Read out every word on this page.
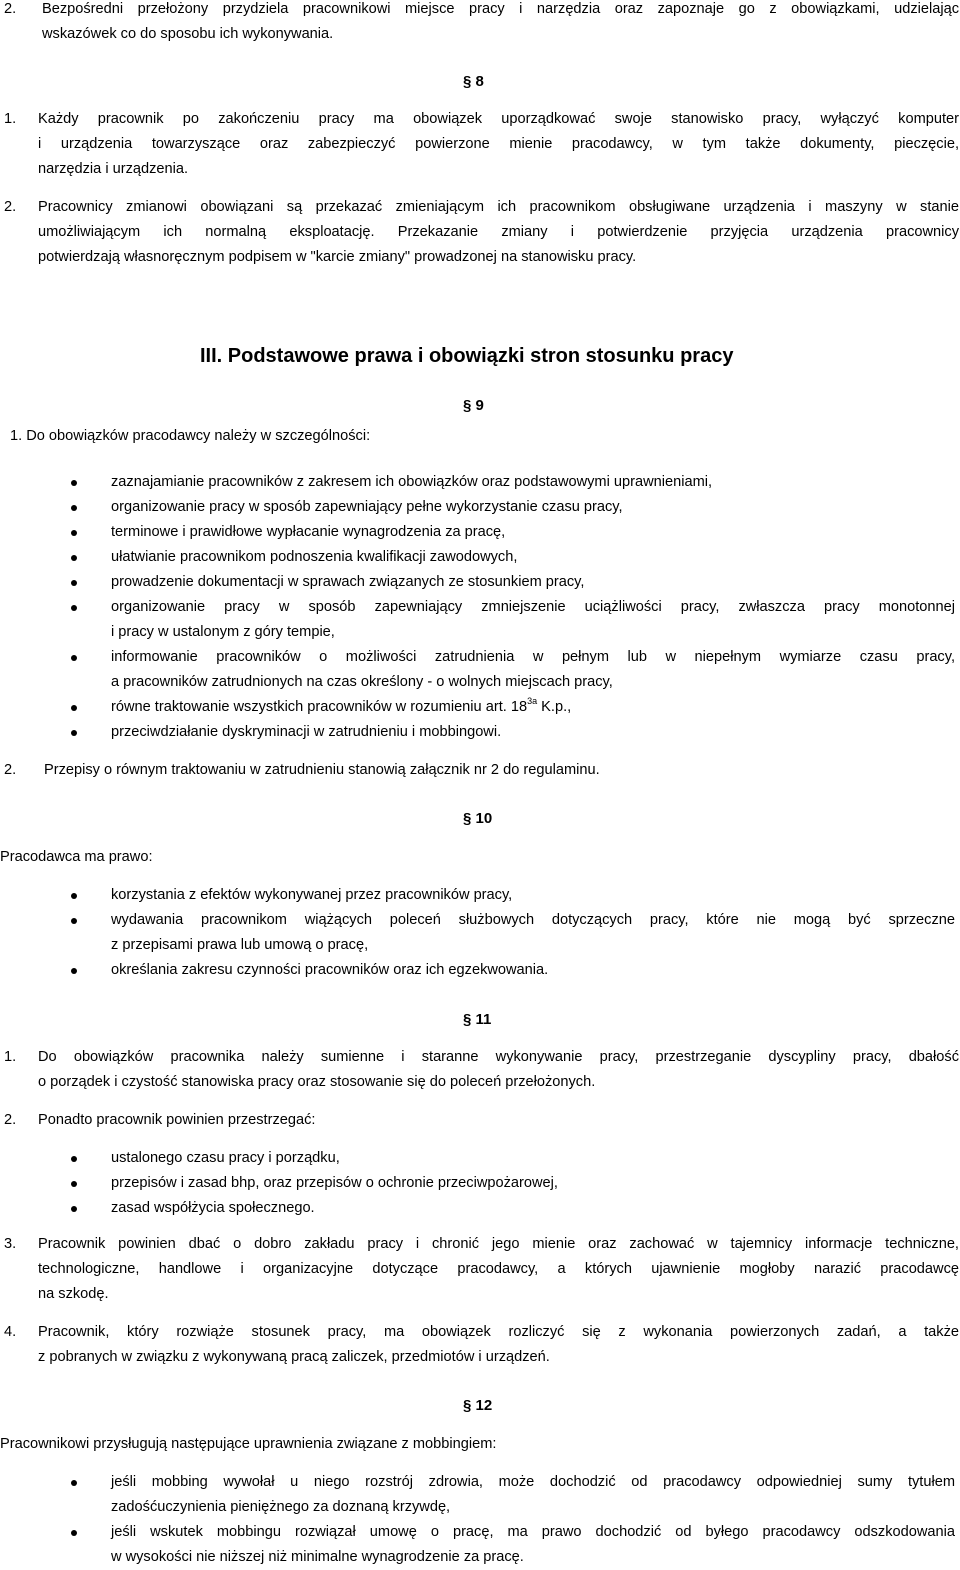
2. Bezpośredni przełożony przydziela pracownikowi miejsce pracy i narzędzia oraz zapoznaje go z obowiązkami, udzielając
wskazówek co do sposobu ich wykonywania.
§ 8
1. Każdy pracownik po zakończeniu pracy ma obowiązek uporządkować swoje stanowisko pracy, wyłączyć komputer
i urządzenia towarzyszące oraz zabezpieczyć powierzone mienie pracodawcy, w tym także dokumenty, pieczęcie,
narzędzia i urządzenia.
2. Pracownicy zmianowi obowiązani są przekazać zmieniającym ich pracownikom obsługiwane urządzenia i maszyny w stanie
umożliwiającym ich normalną eksploatację. Przekazanie zmiany i potwierdzenie przyjęcia urządzenia pracownicy
potwierdzają własnoręcznym podpisem w "karcie zmiany" prowadzonej na stanowisku pracy.
III. Podstawowe prawa i obowiązki stron stosunku pracy
§ 9
1. Do obowiązków pracodawcy należy w szczególności:
zaznajamianie pracowników z zakresem ich obowiązków oraz podstawowymi uprawnieniami,
organizowanie pracy w sposób zapewniający pełne wykorzystanie czasu pracy,
terminowe i prawidłowe wypłacanie wynagrodzenia za pracę,
ułatwianie pracownikom podnoszenia kwalifikacji zawodowych,
prowadzenie dokumentacji w sprawach związanych ze stosunkiem pracy,
organizowanie pracy w sposób zapewniający zmniejszenie uciążliwości pracy, zwłaszcza pracy monotonnej
i pracy w ustalonym z góry tempie,
informowanie pracowników o możliwości zatrudnienia w pełnym lub w niepełnym wymiarze czasu pracy,
a pracowników zatrudnionych na czas określony - o wolnych miejscach pracy,
równe traktowanie wszystkich pracowników w rozumieniu art. $18^{3a}$ K.p.,
przeciwdziałanie dyskryminacji w zatrudnieniu i mobbingowi.
2. Przepisy o równym traktowaniu w zatrudnieniu stanowią załącznik nr 2 do regulaminu.
§ 10
Pracodawca ma prawo:
korzystania z efektów wykonywanej przez pracowników pracy,
wydawania pracownikom wiążących poleceń służbowych dotyczących pracy, które nie mogą być sprzeczne
z przepisami prawa lub umową o pracę,
określania zakresu czynności pracowników oraz ich egzekwowania.
§ 11
1. Do obowiązków pracownika należy sumienne i staranne wykonywanie pracy, przestrzeganie dyscypliny pracy, dbałość
o porządek i czystość stanowiska pracy oraz stosowanie się do poleceń przełożonych.
2. Ponadto pracownik powinien przestrzegać:
ustalonego czasu pracy i porządku,
przepisów i zasad bhp, oraz przepisów o ochronie przeciwpożarowej,
zasad współżycia społecznego.
3. Pracownik powinien dbać o dobro zakładu pracy i chronić jego mienie oraz zachować w tajemnicy informacje techniczne,
technologiczne, handlowe i organizacyjne dotyczące pracodawcy, a których ujawnienie mogłoby narazić pracodawcę
na szkodę.
4. Pracownik, który rozwiąże stosunek pracy, ma obowiązek rozliczyć się z wykonania powierzonych zadań, a także
z pobranych w związku z wykonywaną pracą zaliczek, przedmiotów i urządzeń.
§ 12
Pracownikowi przysługują następujące uprawnienia związane z mobbingiem:
jeśli mobbing wywołał u niego rozstrój zdrowia, może dochodzić od pracodawcy odpowiedniej sumy tytułem
zadośćuczynienia pieniężnego za doznaną krzywdę,
jeśli wskutek mobbingu rozwiązał umowę o pracę, ma prawo dochodzić od byłego pracodawcy odszkodowania
w wysokości nie niższej niż minimalne wynagrodzenie za pracę.
